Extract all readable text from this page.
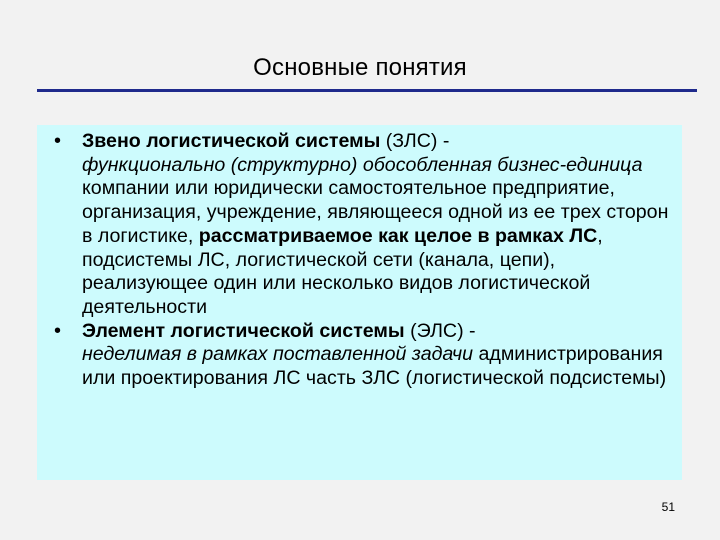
Основные понятия
• Звено логистической системы (ЗЛС) -
функционально (структурно) обособленная бизнес-единица компании или юридически самостоятельное предприятие, организация, учреждение, являющееся одной из ее трех сторон в логистике, рассматриваемое как целое в рамках ЛС, подсистемы ЛС, логистической сети (канала, цепи), реализующее один или несколько видов логистической деятельности
• Элемент логистической системы (ЭЛС) -
неделимая в рамках поставленной задачи администрирования или проектирования ЛС часть ЗЛС (логистической подсистемы)
51
